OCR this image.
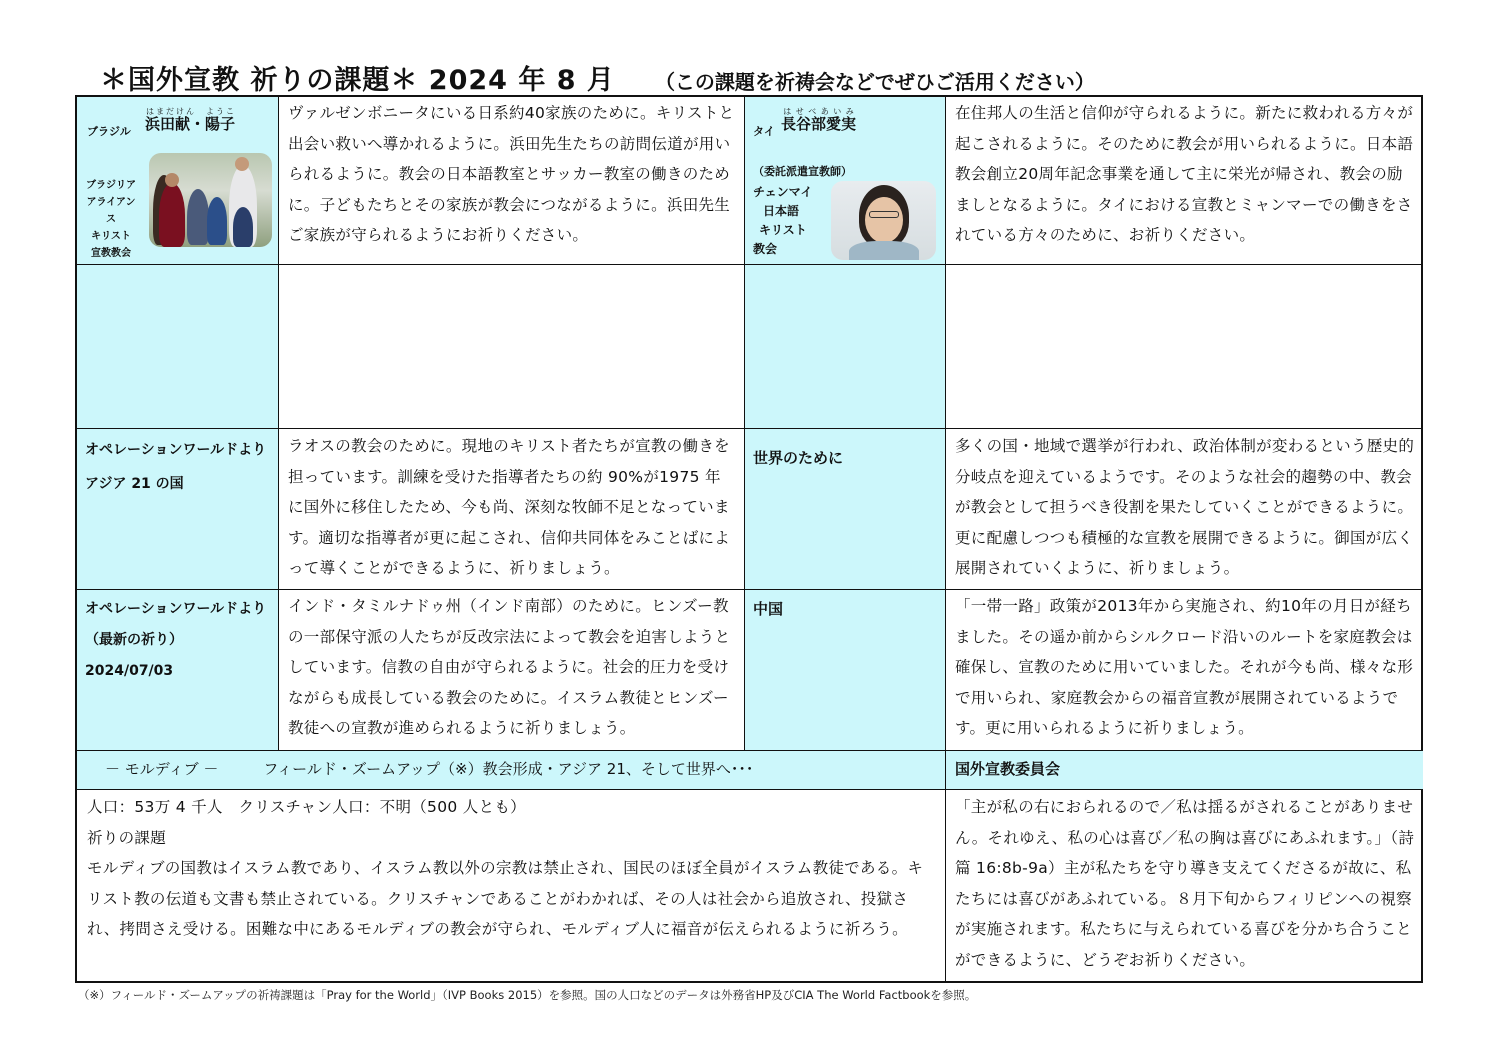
＊国外宣教 祈りの課題＊ 2024 年 8 月 （この課題を祈祷会などでぜひご活用ください）
ブラジル 浜田献・陽子はまだけん　ようこ
ブラジリア
アライアンス
キリスト
宣教教会
ヴァルゼンボニータにいる日系約40家族のために。キリストと出会い救いへ導かれるように。浜田先生たちの訪問伝道が用いられるように。教会の日本語教室とサッカー教室の働きのために。子どもたちとその家族が教会につながるように。浜田先生ご家族が守られるようにお祈りください。
タイ 長谷部愛実はせべあいみ
（委託派遣宣教師）
チェンマイ
日本語
キリスト
教会
在住邦人の生活と信仰が守られるように。新たに救われる方々が起こされるように。そのために教会が用いられるように。日本語教会創立20周年記念事業を通して主に栄光が帰され、教会の励ましとなるように。タイにおける宣教とミャンマーでの働きをされている方々のために、お祈りください。
オペレーションワールドより
アジア 21 の国
ラオスの教会のために。現地のキリスト者たちが宣教の働きを担っています。訓練を受けた指導者たちの約 90%が1975 年に国外に移住したため、今も尚、深刻な牧師不足となっています。適切な指導者が更に起こされ、信仰共同体をみことばによって導くことができるように、祈りましょう。
世界のために
多くの国・地域で選挙が行われ、政治体制が変わるという歴史的分岐点を迎えているようです。そのような社会的趨勢の中、教会が教会として担うべき役割を果たしていくことができるように。更に配慮しつつも積極的な宣教を展開できるように。御国が広く展開されていくように、祈りましょう。
オペレーションワールドより
（最新の祈り）
2024/07/03
インド・タミルナドゥ州（インド南部）のために。ヒンズー教の一部保守派の人たちが反改宗法によって教会を迫害しようとしています。信教の自由が守られるように。社会的圧力を受けながらも成長している教会のために。イスラム教徒とヒンズー教徒への宣教が進められるように祈りましょう。
中国	「一帯一路」政策が2013年から実施され、約10年の月日が経ちました。その遥か前からシルクロード沿いのルートを家庭教会は確保し、宣教のために用いていました。それが今も尚、様々な形で用いられ、家庭教会からの福音宣教が展開されているようです。更に用いられるように祈りましょう。
－ モルディブ －　　　フィールド・ズームアップ（※）教会形成・アジア 21、そして世界へ･･･	国外宣教委員会
人口：53万 4 千人　クリスチャン人口：不明（500 人とも）
祈りの課題
モルディブの国教はイスラム教であり、イスラム教以外の宗教は禁止され、国民のほぼ全員がイスラム教徒である。キリスト教の伝道も文書も禁止されている。クリスチャンであることがわかれば、その人は社会から追放され、投獄され、拷問さえ受ける。困難な中にあるモルディブの教会が守られ、モルディブ人に福音が伝えられるように祈ろう。
「主が私の右におられるので／私は揺るがされることがありません。それゆえ、私の心は喜び／私の胸は喜びにあふれます。」（詩篇 16:8b-9a）主が私たちを守り導き支えてくださるが故に、私たちには喜びがあふれている。８月下旬からフィリピンへの視察が実施されます。私たちに与えられている喜びを分かち合うことができるように、どうぞお祈りください。
（※）フィールド・ズームアップの祈祷課題は「Pray for the World」（IVP Books 2015）を参照。国の人口などのデータは外務省HP及びCIA The World Factbookを参照。
